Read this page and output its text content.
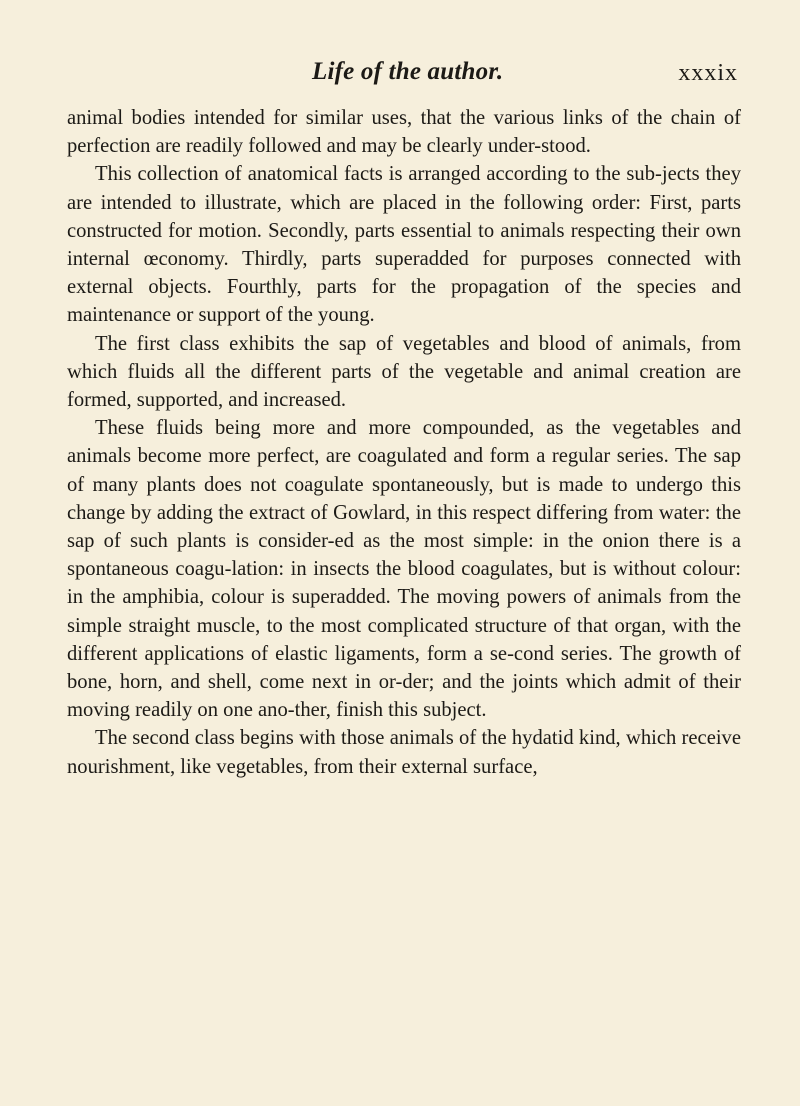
Life of the author.	xxxix

animal bodies intended for similar uses, that the various links of the chain of perfection are readily followed and may be clearly under-stood.

This collection of anatomical facts is arranged according to the sub-jects they are intended to illustrate, which are placed in the following order: First, parts constructed for motion. Secondly, parts essential to animals respecting their own internal œconomy. Thirdly, parts superadded for purposes connected with external objects. Fourthly, parts for the propagation of the species and maintenance or support of the young.

The first class exhibits the sap of vegetables and blood of animals, from which fluids all the different parts of the vegetable and animal creation are formed, supported, and increased.

These fluids being more and more compounded, as the vegetables and animals become more perfect, are coagulated and form a regular series. The sap of many plants does not coagulate spontaneously, but is made to undergo this change by adding the extract of Gowlard, in this respect differing from water: the sap of such plants is consider-ed as the most simple: in the onion there is a spontaneous coagu-lation: in insects the blood coagulates, but is without colour: in the amphibia, colour is superadded. The moving powers of animals from the simple straight muscle, to the most complicated structure of that organ, with the different applications of elastic ligaments, form a se-cond series. The growth of bone, horn, and shell, come next in or-der; and the joints which admit of their moving readily on one ano-ther, finish this subject.

The second class begins with those animals of the hydatid kind, which receive nourishment, like vegetables, from their external surface,
